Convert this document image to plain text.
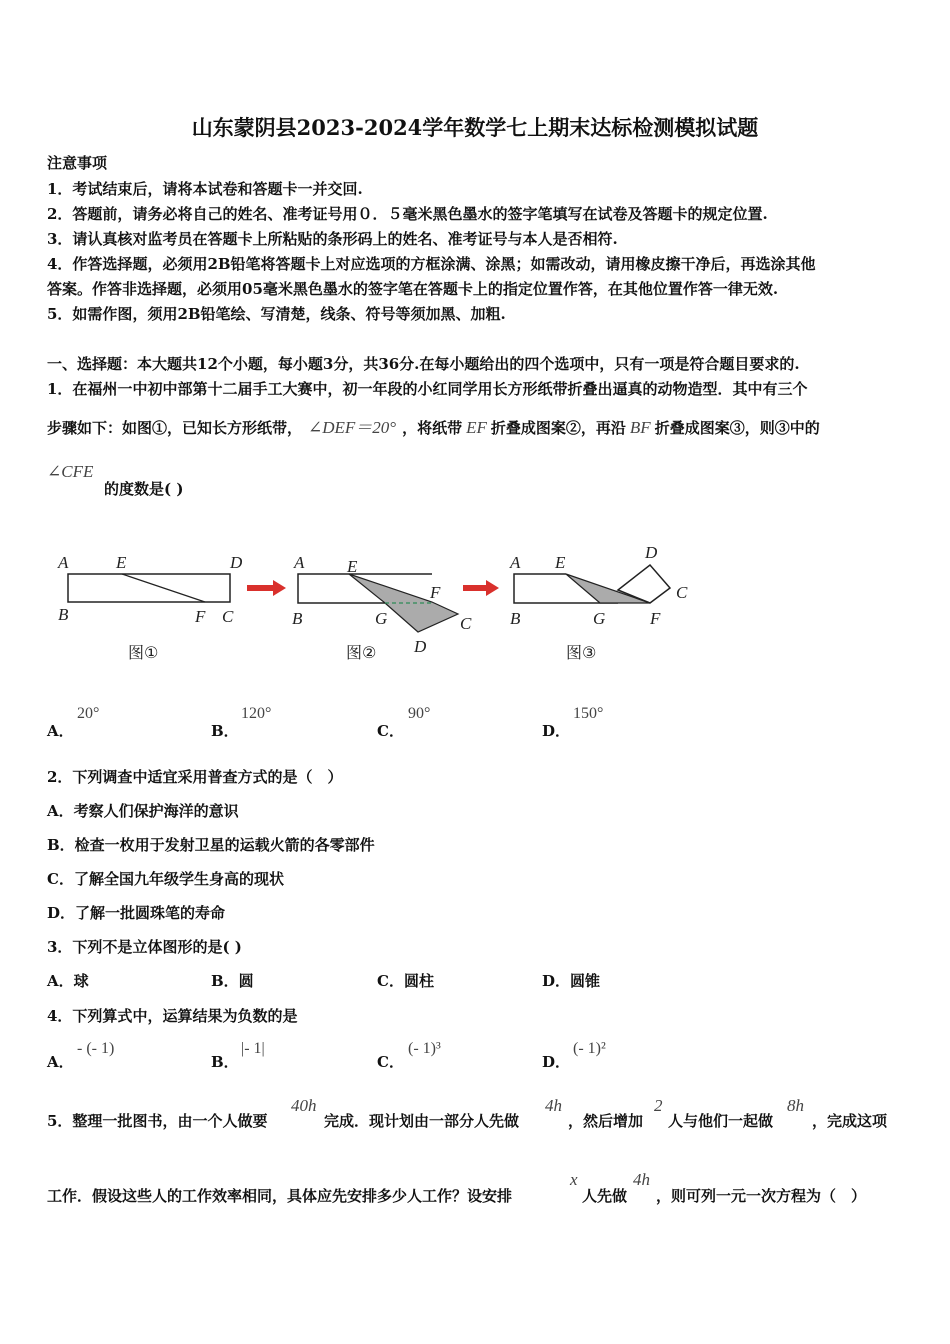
山东蒙阴县2023-2024学年数学七上期末达标检测模拟试题
注意事项
1．考试结束后，请将本试卷和答题卡一并交回.
2．答题前，请务必将自己的姓名、准考证号用０．５毫米黑色墨水的签字笔填写在试卷及答题卡的规定位置.
3．请认真核对监考员在答题卡上所粘贴的条形码上的姓名、准考证号与本人是否相符.
4．作答选择题，必须用2B铅笔将答题卡上对应选项的方框涂满、涂黑；如需改动，请用橡皮擦干净后，再选涂其他
答案。作答非选择题，必须用05毫米黑色墨水的签字笔在答题卡上的指定位置作答，在其他位置作答一律无效.
5．如需作图，须用2B铅笔绘、写清楚，线条、符号等须加黑、加粗.
一、选择题：本大题共12个小题，每小题3分，共36分.在每小题给出的四个选项中，只有一项是符合题目要求的.
1．在福州一中初中部第十二届手工大赛中，初一年段的小红同学用长方形纸带折叠出逼真的动物造型．其中有三个
步骤如下：如图①，已知长方形纸带， ∠DEF＝20° ，将纸带 EF 折叠成图案②，再沿 BF 折叠成图案③，则③中的
∠CFE
的度数是( )
A	E	D
B	F C
图①
A	E
F
B	G	C
D
图②
A E
D
C
B	G	F
图③
A．
20°
B．
120°
C．
90°
D．
150°
2．下列调查中适宜采用普查方式的是（　）
A．考察人们保护海洋的意识
B．检查一枚用于发射卫星的运载火箭的各零部件
C．了解全国九年级学生身高的现状
D．了解一批圆珠笔的寿命
3．下列不是立体图形的是( )
A．球	B．圆	C．圆柱	D．圆锥
4．下列算式中，运算结果为负数的是
A．
- (- 1)
B．
|- 1|
C．
(- 1)³
D．
(- 1)²
5．整理一批图书，由一个人做要
40h
完成．现计划由一部分人先做
4h
，然后增加
2
人与他们一起做
8h
，完成这项
工作．假设这些人的工作效率相同，具体应先安排多少人工作？设安排
x
人先做
4h
，则可列一元一次方程为（　）
